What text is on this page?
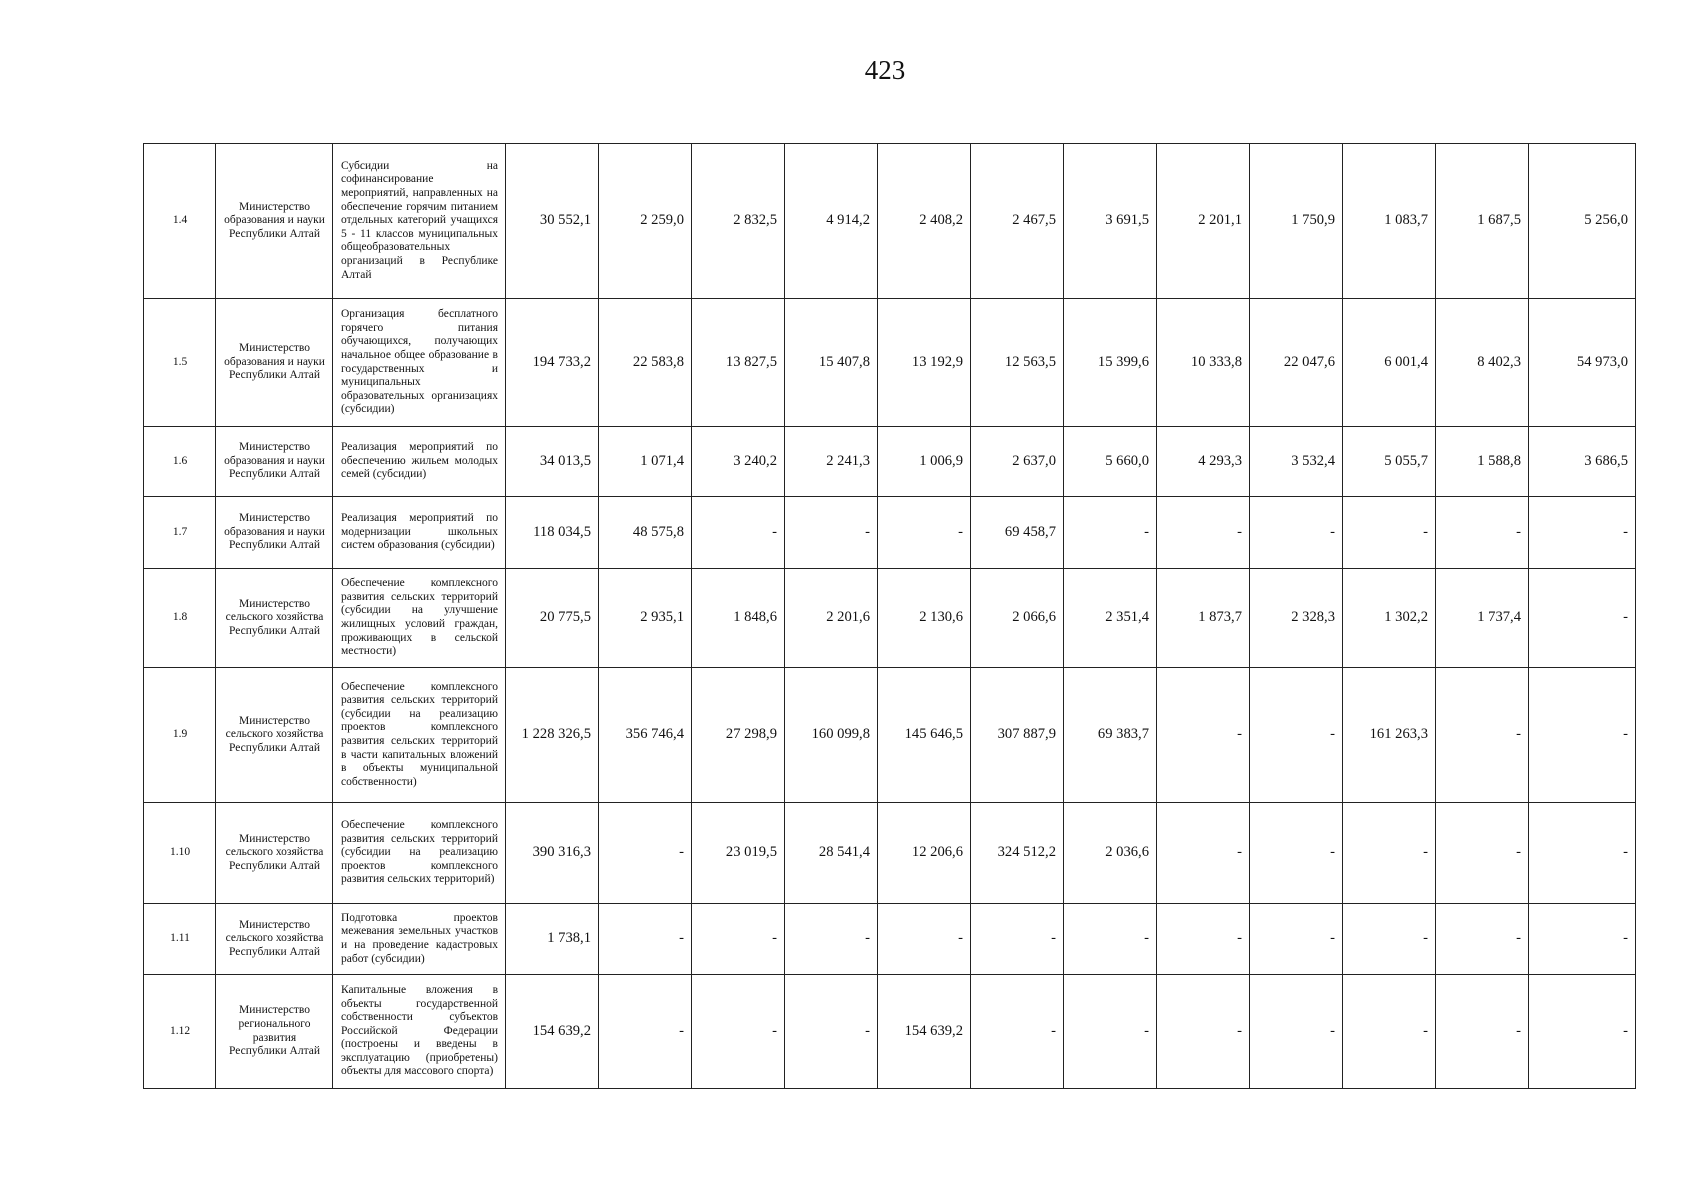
423
1.4	Министерство образования и науки Республики Алтай	Субсидии на софинансирование мероприятий, направленных на обеспечение горячим питанием отдельных категорий учащихся 5 - 11 классов муниципальных общеобразовательных организаций в Республике Алтай	30 552,1	2 259,0	2 832,5	4 914,2	2 408,2	2 467,5	3 691,5	2 201,1	1 750,9	1 083,7	1 687,5	5 256,0
1.5	Министерство образования и науки Республики Алтай	Организация бесплатного горячего питания обучающихся, получающих начальное общее образование в государственных и муниципальных образовательных организациях (субсидии)	194 733,2	22 583,8	13 827,5	15 407,8	13 192,9	12 563,5	15 399,6	10 333,8	22 047,6	6 001,4	8 402,3	54 973,0
1.6	Министерство образования и науки Республики Алтай	Реализация мероприятий по обеспечению жильем молодых семей (субсидии)	34 013,5	1 071,4	3 240,2	2 241,3	1 006,9	2 637,0	5 660,0	4 293,3	3 532,4	5 055,7	1 588,8	3 686,5
1.7	Министерство образования и науки Республики Алтай	Реализация мероприятий по модернизации школьных систем образования (субсидии)	118 034,5	48 575,8	-	-	-	69 458,7	-	-	-	-	-	-
1.8	Министерство сельского хозяйства Республики Алтай	Обеспечение комплексного развития сельских территорий (субсидии на улучшение жилищных условий граждан, проживающих в сельской местности)	20 775,5	2 935,1	1 848,6	2 201,6	2 130,6	2 066,6	2 351,4	1 873,7	2 328,3	1 302,2	1 737,4	-
1.9	Министерство сельского хозяйства Республики Алтай	Обеспечение комплексного развития сельских территорий (субсидии на реализацию проектов комплексного развития сельских территорий в части капитальных вложений в объекты муниципальной собственности)	1 228 326,5	356 746,4	27 298,9	160 099,8	145 646,5	307 887,9	69 383,7	-	-	161 263,3	-	-
1.10	Министерство сельского хозяйства Республики Алтай	Обеспечение комплексного развития сельских территорий (субсидии на реализацию проектов комплексного развития сельских территорий)	390 316,3	-	23 019,5	28 541,4	12 206,6	324 512,2	2 036,6	-	-	-	-	-
1.11	Министерство сельского хозяйства Республики Алтай	Подготовка проектов межевания земельных участков и на проведение кадастровых работ (субсидии)	1 738,1	-	-	-	-	-	-	-	-	-	-	-
1.12	Министерство регионального развития Республики Алтай	Капитальные вложения в объекты государственной собственности субъектов Российской Федерации (построены и введены в эксплуатацию (приобретены) объекты для массового спорта)	154 639,2	-	-	-	154 639,2	-	-	-	-	-	-	-
